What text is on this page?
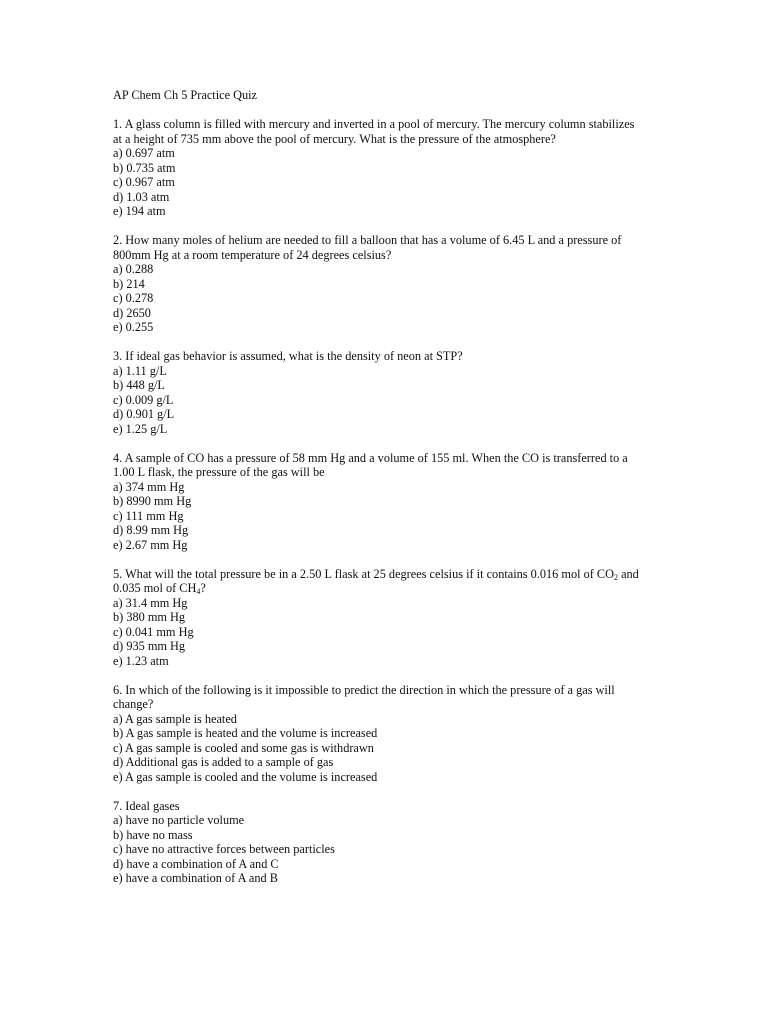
AP Chem Ch 5 Practice Quiz
1. A glass column is filled with mercury and inverted in a pool of mercury. The mercury column stabilizes
at a height of 735 mm above the pool of mercury. What is the pressure of the atmosphere?
a) 0.697 atm
b) 0.735 atm
c) 0.967 atm
d) 1.03 atm
e) 194 atm
2. How many moles of helium are needed to fill a balloon that has a volume of 6.45 L and a pressure of
800mm Hg at a room temperature of 24 degrees celsius?
a) 0.288
b) 214
c) 0.278
d) 2650
e) 0.255
3. If ideal gas behavior is assumed, what is the density of neon at STP?
a) 1.11 g/L
b) 448 g/L
c) 0.009 g/L
d) 0.901 g/L
e) 1.25 g/L
4. A sample of CO has a pressure of 58 mm Hg and a volume of 155 ml. When the CO is transferred to a
1.00 L flask, the pressure of the gas will be
a) 374 mm Hg
b) 8990 mm Hg
c) 111 mm Hg
d) 8.99 mm Hg
e) 2.67 mm Hg
5. What will the total pressure be in a 2.50 L flask at 25 degrees celsius if it contains 0.016 mol of $CO_2$ and
0.035 mol of $CH_4$?
a) 31.4 mm Hg
b) 380 mm Hg
c) 0.041 mm Hg
d) 935 mm Hg
e) 1.23 atm
6. In which of the following is it impossible to predict the direction in which the pressure of a gas will
change?
a) A gas sample is heated
b) A gas sample is heated and the volume is increased
c) A gas sample is cooled and some gas is withdrawn
d) Additional gas is added to a sample of gas
e) A gas sample is cooled and the volume is increased
7. Ideal gases
a) have no particle volume
b) have no mass
c) have no attractive forces between particles
d) have a combination of A and C
e) have a combination of A and B
